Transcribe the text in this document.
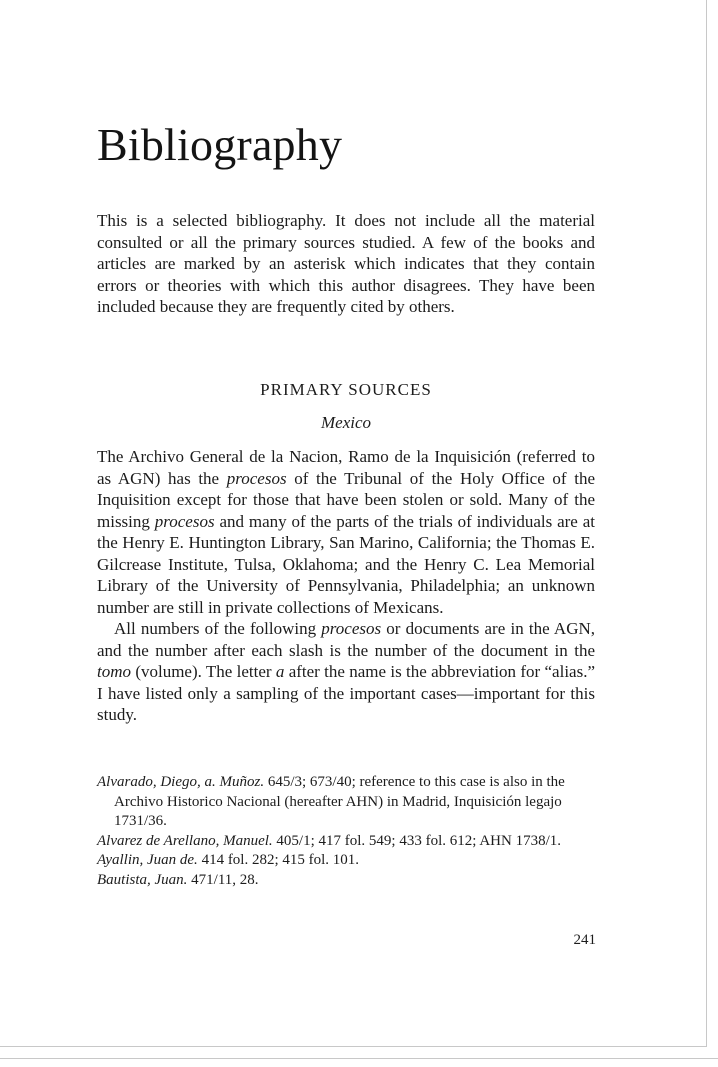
Bibliography

This is a selected bibliography. It does not include all the material consulted or all the primary sources studied. A few of the books and articles are marked by an asterisk which indicates that they contain errors or theories with which this author disagrees. They have been included because they are frequently cited by others.

PRIMARY SOURCES
Mexico

The Archivo General de la Nacion, Ramo de la Inquisición (referred to as AGN) has the procesos of the Tribunal of the Holy Office of the Inquisition except for those that have been stolen or sold. Many of the missing procesos and many of the parts of the trials of individuals are at the Henry E. Huntington Library, San Marino, California; the Thomas E. Gilcrease Institute, Tulsa, Oklahoma; and the Henry C. Lea Memorial Library of the University of Pennsylvania, Philadelphia; an unknown number are still in private collections of Mexicans.

All numbers of the following procesos or documents are in the AGN, and the number after each slash is the number of the document in the tomo (volume). The letter a after the name is the abbreviation for “alias.” I have listed only a sampling of the important cases—important for this study.

Alvarado, Diego, a. Muñoz. 645/3; 673/40; reference to this case is also in the Archivo Historico Nacional (hereafter AHN) in Madrid, Inquisición legajo 1731/36.
Alvarez de Arellano, Manuel. 405/1; 417 fol. 549; 433 fol. 612; AHN 1738/1.
Ayallin, Juan de. 414 fol. 282; 415 fol. 101.
Bautista, Juan. 471/11, 28.
241
